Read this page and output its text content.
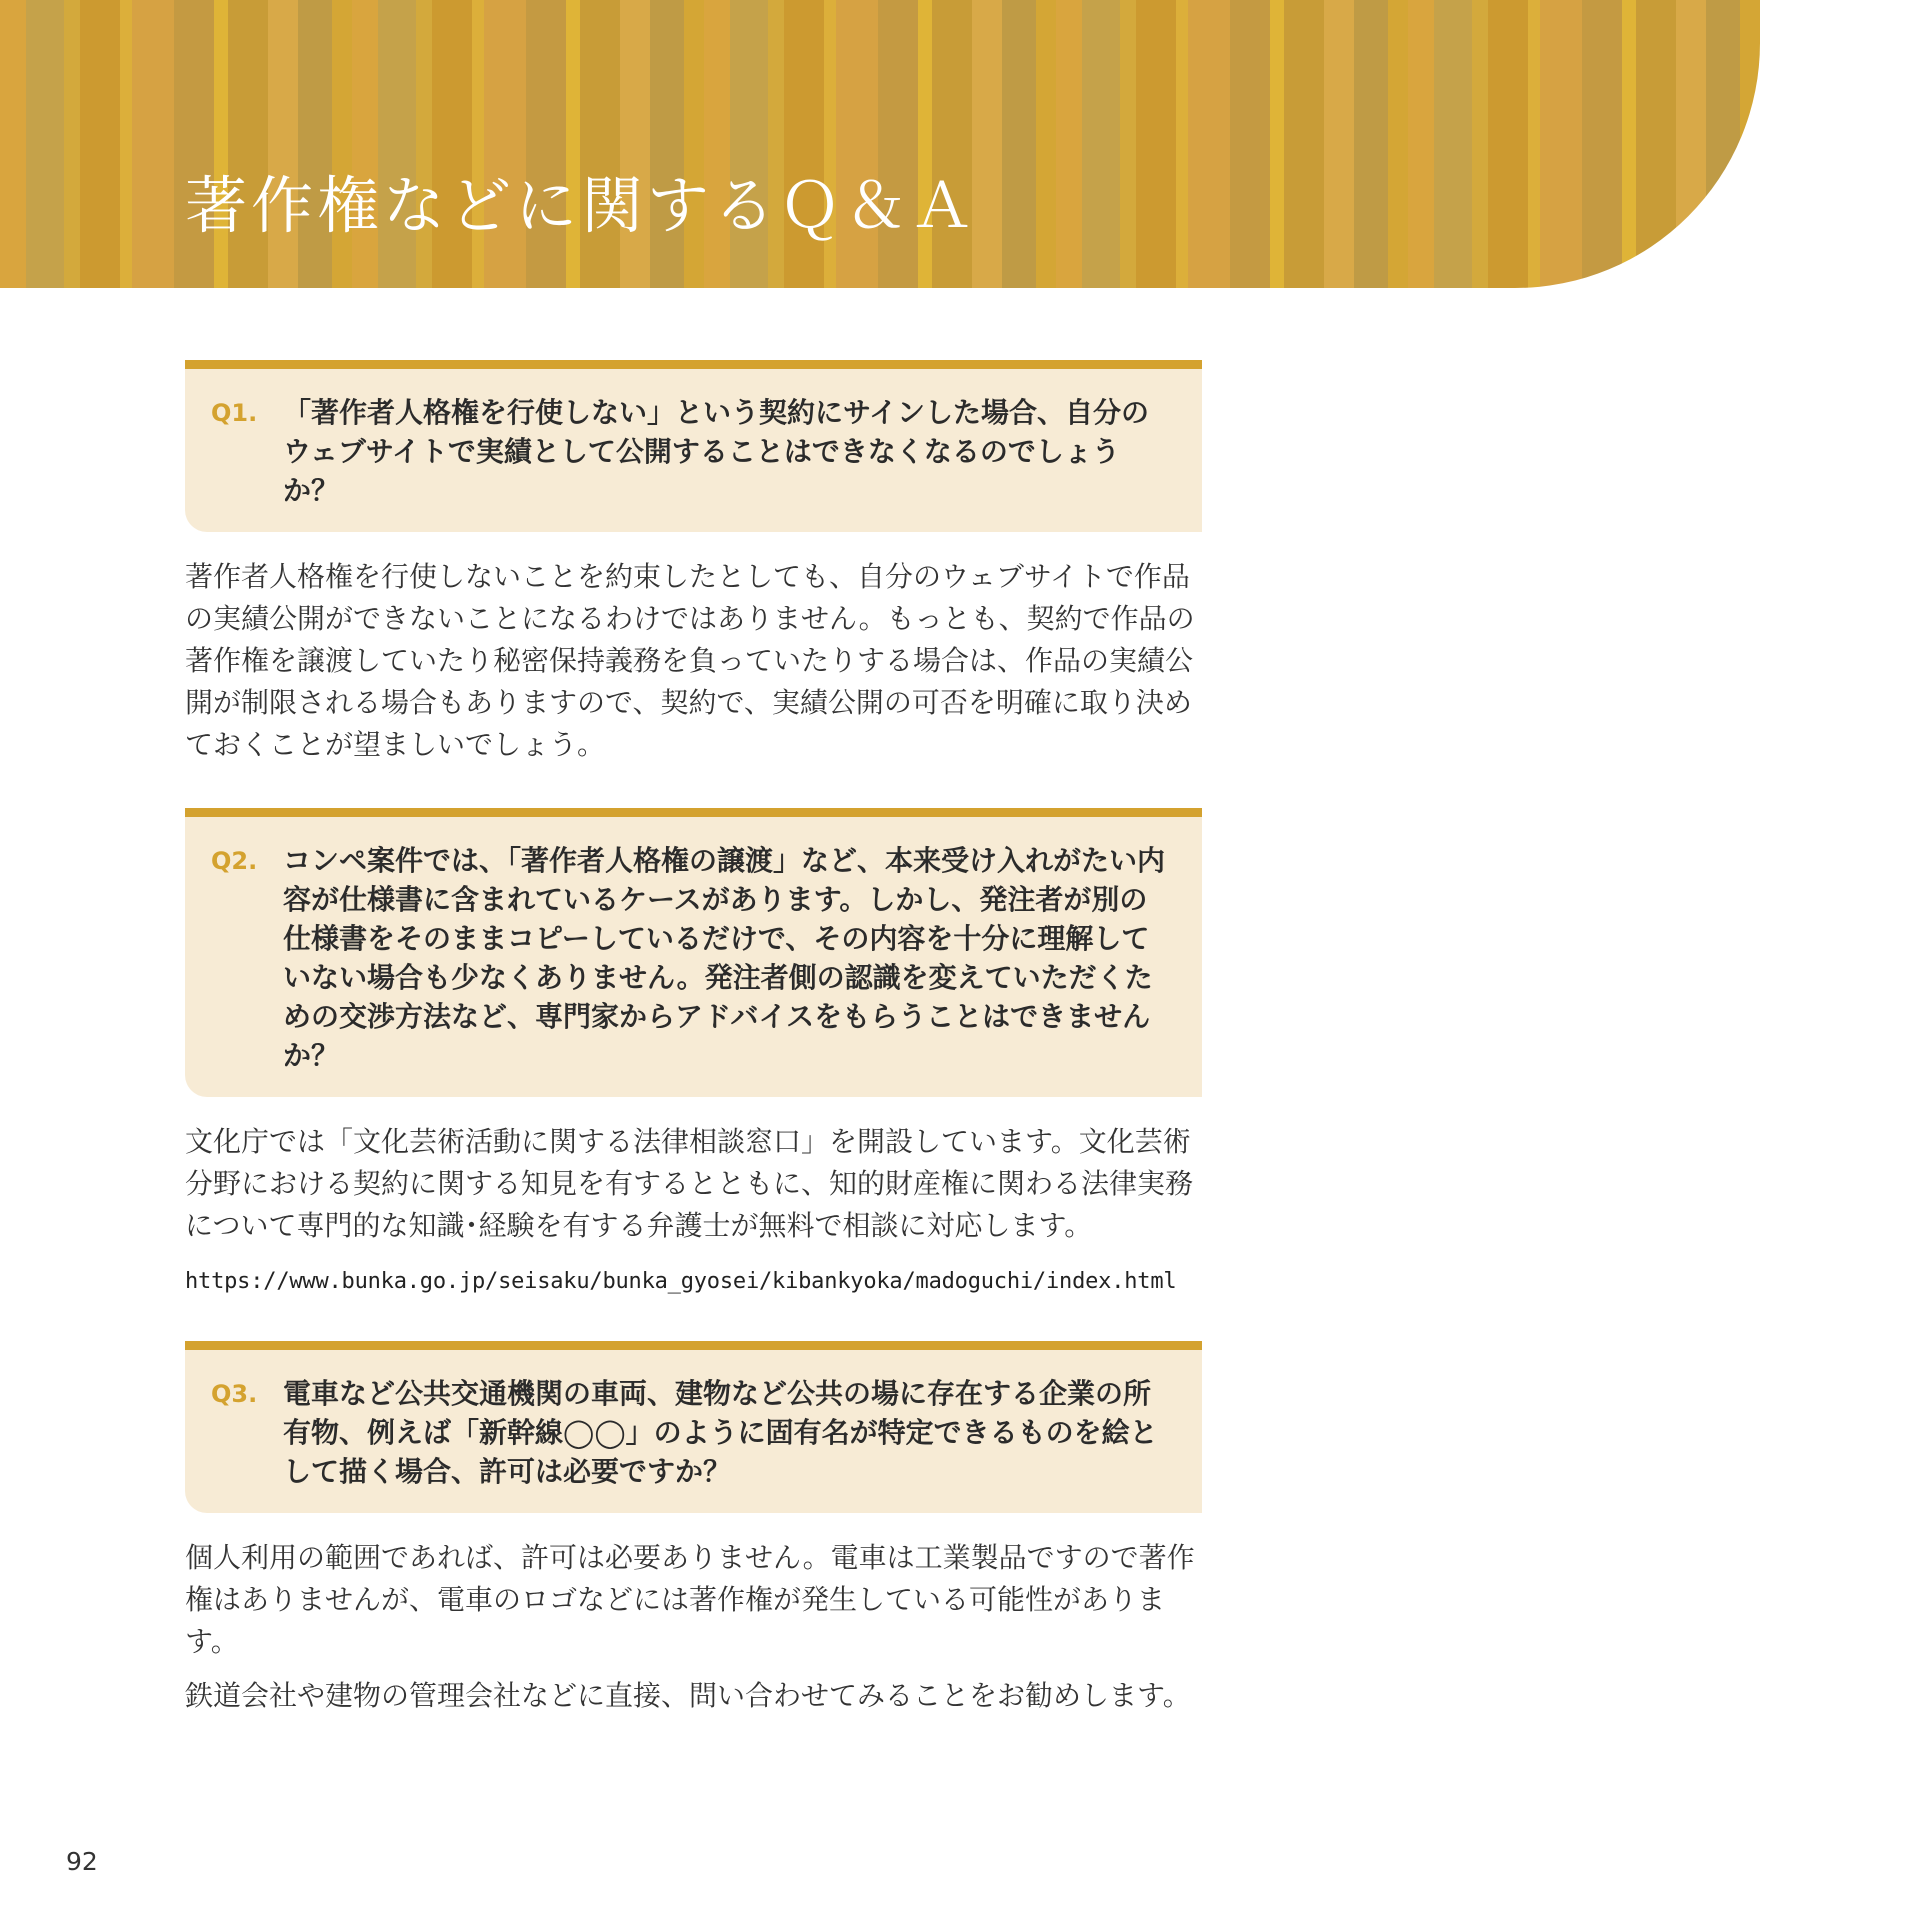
著作権などに関するＱ＆Ａ
Q1. 「著作者人格権を行使しない」という契約にサインした場合、自分のウェブサイトで実績として公開することはできなくなるのでしょうか？

著作者人格権を行使しないことを約束したとしても、自分のウェブサイトで作品の実績公開ができないことになるわけではありません。もっとも、契約で作品の著作権を譲渡していたり秘密保持義務を負っていたりする場合は、作品の実績公開が制限される場合もありますので、契約で、実績公開の可否を明確に取り決めておくことが望ましいでしょう。

Q2. コンペ案件では、「著作者人格権の譲渡」など、本来受け入れがたい内容が仕様書に含まれているケースがあります。しかし、発注者が別の仕様書をそのままコピーしているだけで、その内容を十分に理解していない場合も少なくありません。発注者側の認識を変えていただくための交渉方法など、専門家からアドバイスをもらうことはできませんか？

文化庁では「文化芸術活動に関する法律相談窓口」を開設しています。文化芸術分野における契約に関する知見を有するとともに、知的財産権に関わる法律実務について専門的な知識･経験を有する弁護士が無料で相談に対応します。

https://www.bunka.go.jp/seisaku/bunka_gyosei/kibankyoka/madoguchi/index.html
Q3. 電車など公共交通機関の車両、建物など公共の場に存在する企業の所有物、例えば「新幹線◯◯」のように固有名が特定できるものを絵として描く場合、許可は必要ですか？

個人利用の範囲であれば、許可は必要ありません。電車は工業製品ですので著作権はありませんが、電車のロゴなどには著作権が発生している可能性があります。

鉄道会社や建物の管理会社などに直接、問い合わせてみることをお勧めします。

92
